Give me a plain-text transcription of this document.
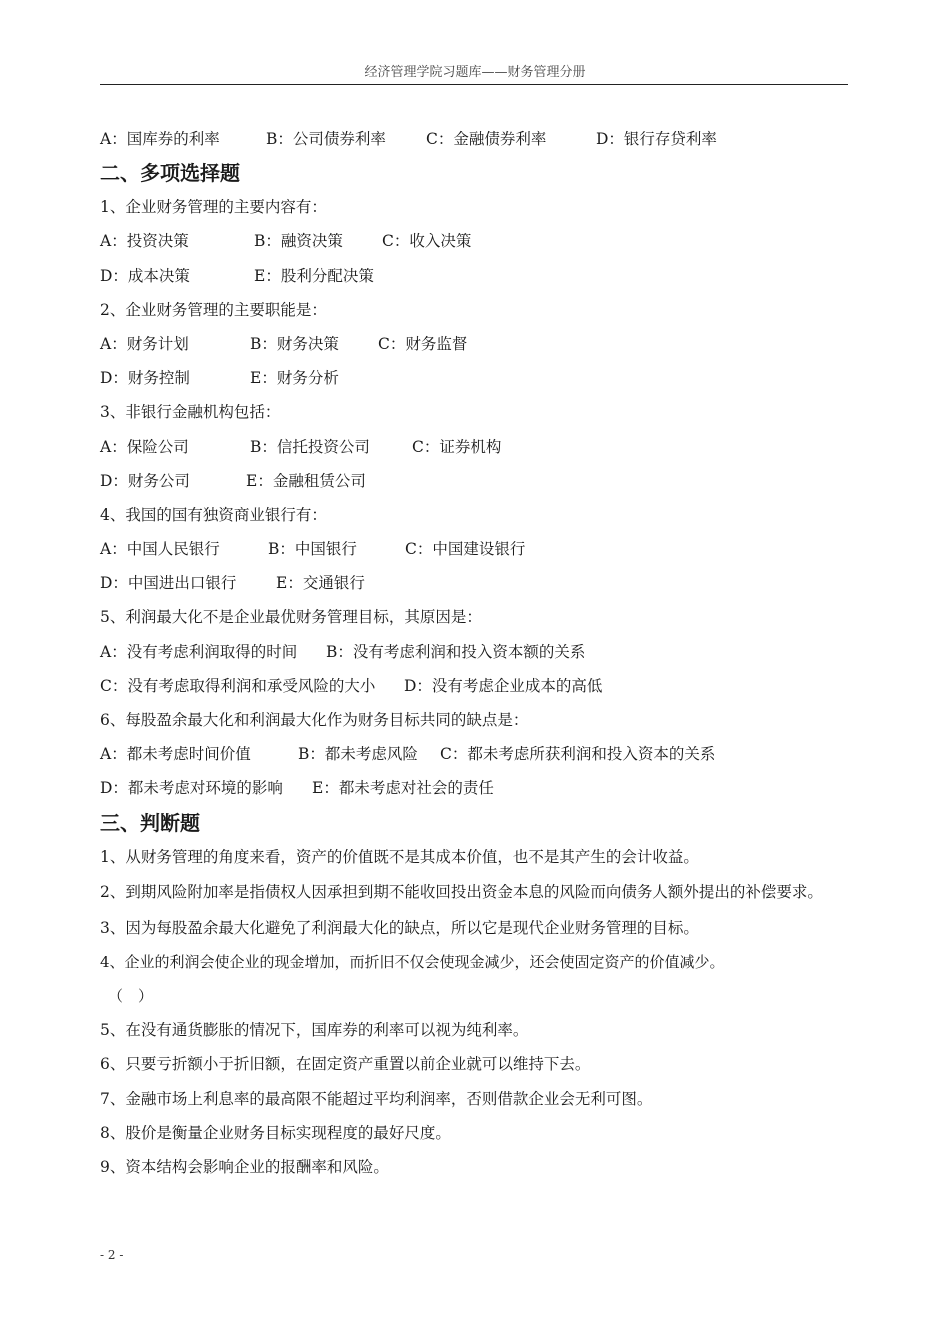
经济管理学院习题库——财务管理分册
A：国库券的利率	B：公司债券利率	C：金融债券利率	D：银行存贷利率
二、多项选择题
1、企业财务管理的主要内容有：
A：投资决策	B：融资决策	C：收入决策
D：成本决策	E：股利分配决策
2、企业财务管理的主要职能是：
A：财务计划	B：财务决策	C：财务监督
D：财务控制	E：财务分析
3、非银行金融机构包括：
A：保险公司	B：信托投资公司	C：证券机构
D：财务公司	E：金融租赁公司
4、我国的国有独资商业银行有：
A：中国人民银行	B：中国银行	C：中国建设银行
D：中国进出口银行	E：交通银行
5、利润最大化不是企业最优财务管理目标，其原因是：
A：没有考虑利润取得的时间 B：没有考虑利润和投入资本额的关系
C：没有考虑取得利润和承受风险的大小 D：没有考虑企业成本的高低
6、每股盈余最大化和利润最大化作为财务目标共同的缺点是：
A：都未考虑时间价值	B：都未考虑风险 C：都未考虑所获利润和投入资本的关系
D：都未考虑对环境的影响 E：都未考虑对社会的责任
三、判断题
1、从财务管理的角度来看，资产的价值既不是其成本价值，也不是其产生的会计收益。
2、到期风险附加率是指债权人因承担到期不能收回投出资金本息的风险而向债务人额外提出的补偿要求。
3、因为每股盈余最大化避免了利润最大化的缺点，所以它是现代企业财务管理的目标。
4、企业的利润会使企业的现金增加，而折旧不仅会使现金减少，还会使固定资产的价值减少。
（　）
5、在没有通货膨胀的情况下，国库券的利率可以视为纯利率。
6、只要亏折额小于折旧额，在固定资产重置以前企业就可以维持下去。
7、金融市场上利息率的最高限不能超过平均利润率，否则借款企业会无利可图。
8、股价是衡量企业财务目标实现程度的最好尺度。
9、资本结构会影响企业的报酬率和风险。
- 2 -
